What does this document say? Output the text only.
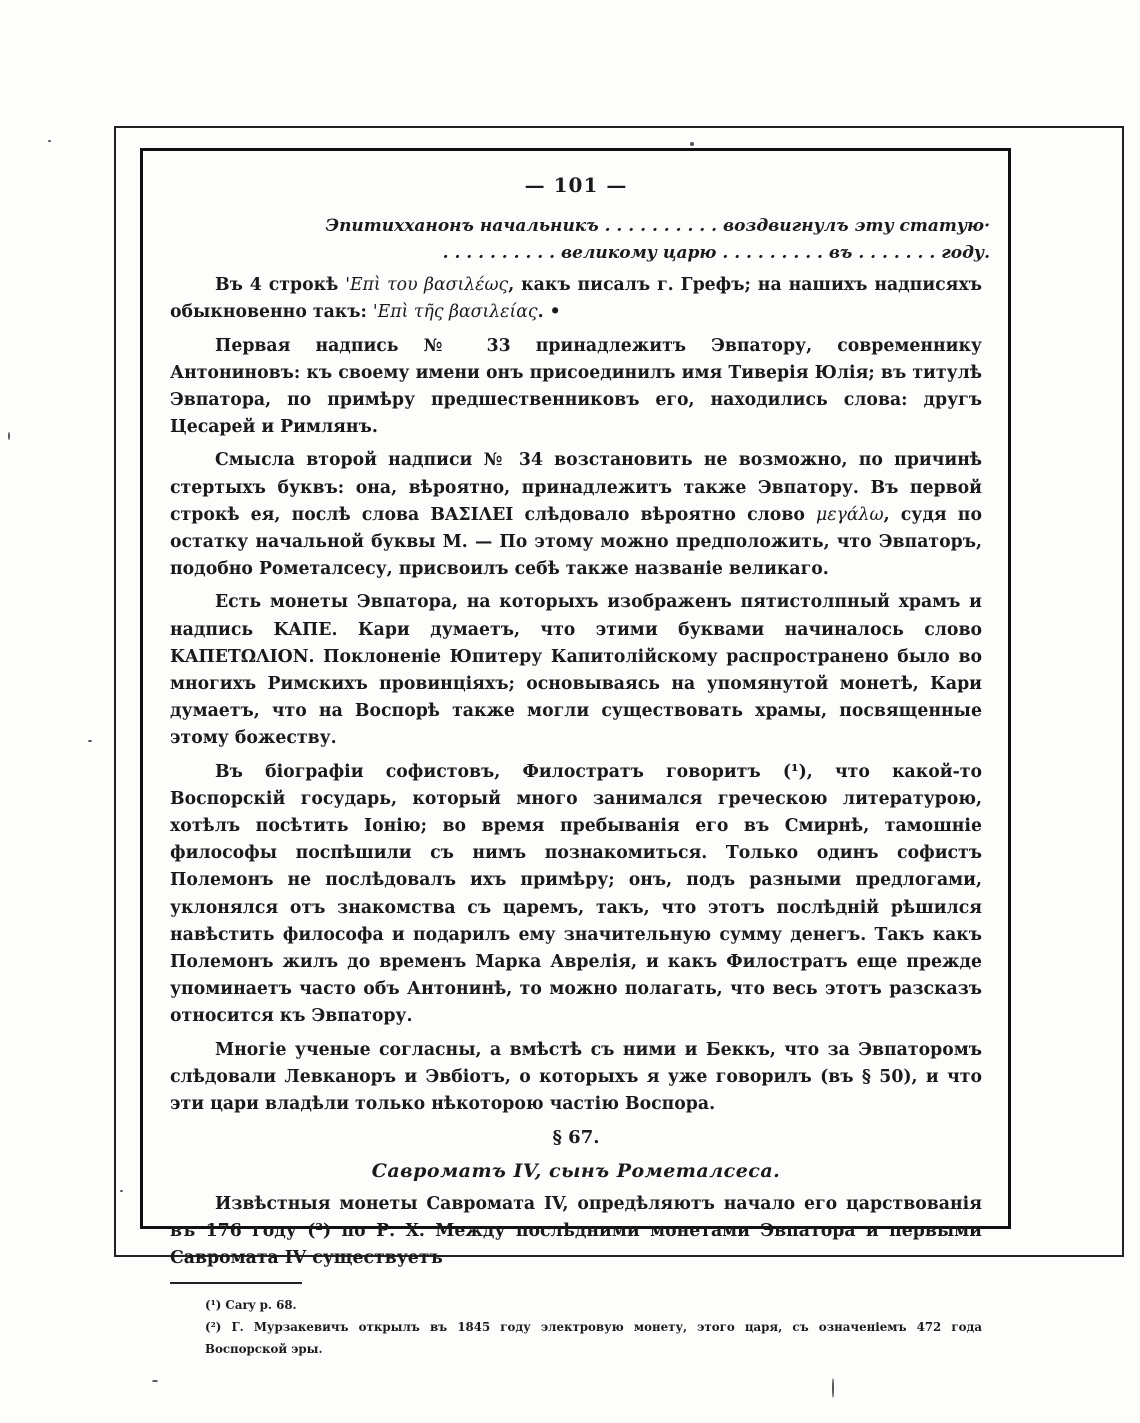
— 101 —
Эпитихханонъ начальникъ . . . . . . . . . . воздвигнулъ эту статую·
. . . . . . . . . . великому царю . . . . . . . . . въ . . . . . . . году.

Въ 4 строкѣ 'Επὶ του βασιλέως, какъ писалъ г. Грефъ; на нашихъ надписяхъ обыкновенно такъ: 'Επὶ τῆς βασιλείας. •

Первая надпись № 33 принадлежитъ Эвпатору, современнику Антониновъ: къ своему имени онъ присоединилъ имя Тиверія Юлія; въ титулѣ Эвпатора, по примѣру предшественниковъ его, находились слова: другъ Цесарей и Римлянъ.

Смысла второй надписи № 34 возстановить не возможно, по причинѣ стертыхъ буквъ: она, вѣроятно, принадлежитъ также Эвпатору. Въ первой строкѣ ея, послѣ слова ΒΑΣΙΛΕΙ слѣдовало вѣроятно слово μεγάλω, судя по остатку начальной буквы М. — По этому можно предположить, что Эвпаторъ, подобно Рометалсесу, присвоилъ себѣ также названіе великаго.

Есть монеты Эвпатора, на которыхъ изображенъ пятистолпный храмъ и надпись ΚΑΠΕ. Кари думаетъ, что этими буквами начиналось слово ΚΑΠΕΤΩΛΙΟΝ. Поклоненіе Юпитеру Капитолійскому распространено было во многихъ Римскихъ провинціяхъ; основываясь на упомянутой монетѣ, Кари думаетъ, что на Воспорѣ также могли существовать храмы, посвященные этому божеству.

Въ біографіи софистовъ, Филостратъ говоритъ (¹), что какой-то Воспорскій государь, который много занимался греческою литературою, хотѣлъ посѣтить Іонію; во время пребыванія его въ Смирнѣ, тамошніе философы поспѣшили съ нимъ познакомиться. Только одинъ софистъ Полемонъ не послѣдовалъ ихъ примѣру; онъ, подъ разными предлогами, уклонялся отъ знакомства съ царемъ, такъ, что этотъ послѣдній рѣшился навѣстить философа и подарилъ ему значительную сумму денегъ. Такъ какъ Полемонъ жилъ до временъ Марка Аврелія, и какъ Филостратъ еще прежде упоминаетъ часто объ Антонинѣ, то можно полагать, что весь этотъ разсказъ относится къ Эвпатору.

Многіе ученые согласны, а вмѣстѣ съ ними и Беккъ, что за Эвпаторомъ слѣдовали Левканоръ и Эвбіотъ, о которыхъ я уже говорилъ (въ § 50), и что эти цари владѣли только нѣкоторою частію Воспора.

§ 67.
Савроматъ IV, сынъ Рометалсеса.

Извѣстныя монеты Савромата IV, опредѣляютъ начало его царствованія въ 176 году (²) по Р. Х. Между послѣдними монетами Эвпатора и первыми Савромата IV существуетъ

(¹) Cary p. 68.
(²) Г. Мурзакевичъ открылъ въ 1845 году электровую монету, этого царя, съ означеніемъ 472 года Воспорской эры.
